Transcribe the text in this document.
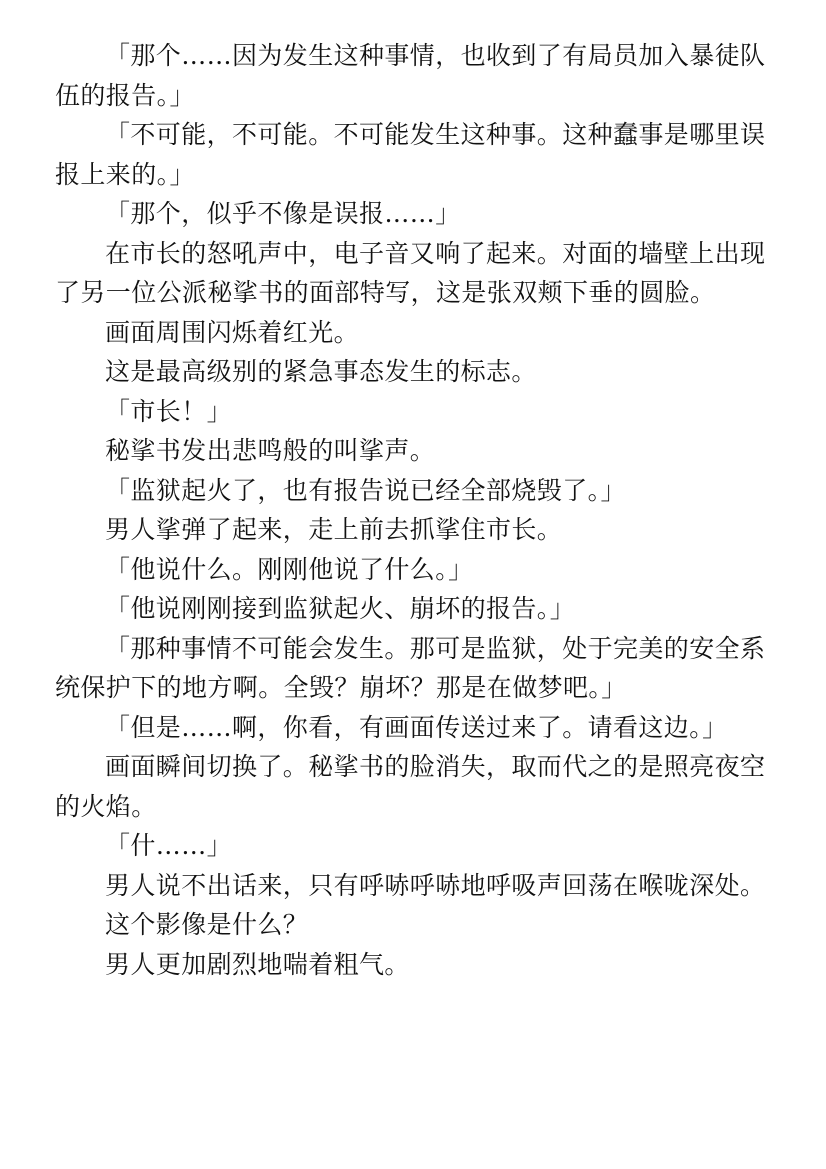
「那个……因为发生这种事情，也收到了有局员加入暴徒队伍的报告。」

「不可能，不可能。不可能发生这种事。这种蠢事是哪里误报上来的。」

「那个，似乎不像是误报……」

在市长的怒吼声中，电子音又响了起来。对面的墙壁上出现了另一位公派秘挲书的面部特写，这是张双颊下垂的圆脸。

画面周围闪烁着红光。

这是最高级别的紧急事态发生的标志。

「市长！」

秘挲书发出悲鸣般的叫挲声。

「监狱起火了，也有报告说已经全部烧毁了。」

男人挲弹了起来，走上前去抓挲住市长。

「他说什么。刚刚他说了什么。」

「他说刚刚接到监狱起火、崩坏的报告。」

「那种事情不可能会发生。那可是监狱，处于完美的安全系统保护下的地方啊。全毁？崩坏？那是在做梦吧。」

「但是……啊，你看，有画面传送过来了。请看这边。」

画面瞬间切换了。秘挲书的脸消失，取而代之的是照亮夜空的火焰。

「什……」

男人说不出话来，只有呼哧呼哧地呼吸声回荡在喉咙深处。

这个影像是什么？

男人更加剧烈地喘着粗气。
